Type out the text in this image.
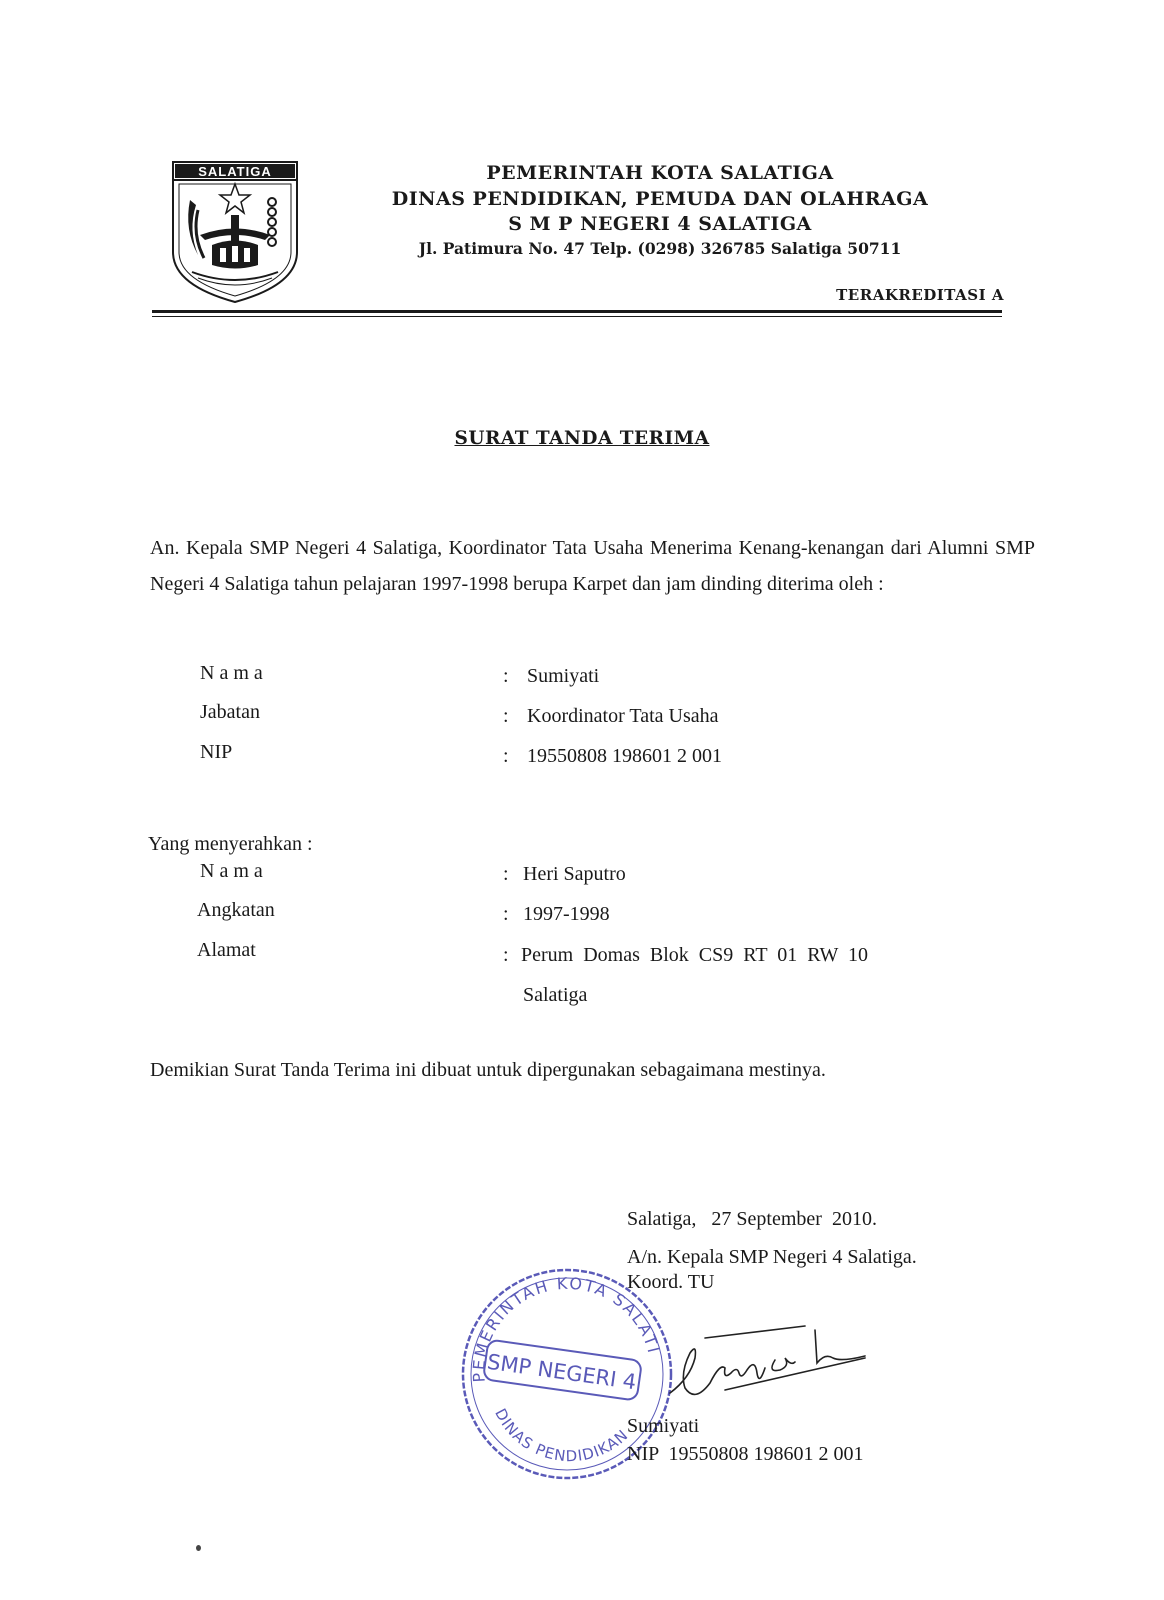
SALATIGA	PEMERINTAH KOTA SALATIGA
DINAS PENDIDIKAN, PEMUDA DAN OLAHRAGA
S M P NEGERI 4 SALATIGA
Jl. Patimura No. 47 Telp. (0298) 326785 Salatiga 50711
TERAKREDITASI A
SURAT TANDA TERIMA
An. Kepala SMP Negeri 4 Salatiga, Koordinator Tata Usaha Menerima Kenang-kenangan dari Alumni SMP Negeri 4 Salatiga tahun pelajaran 1997-1998 berupa Karpet dan jam dinding diterima oleh :
N a m a	: Sumiyati
Jabatan	: Koordinator Tata Usaha
NIP	: 19550808 198601 2 001
Yang menyerahkan :
N a m a	: Heri Saputro
Angkatan	: 1997-1998
Alamat	: Perum  Domas  Blok  CS9  RT  01  RW  10
Salatiga
Demikian Surat Tanda Terima ini dibuat untuk dipergunakan sebagaimana mestinya.
Salatiga,   27 September  2010.
A/n. Kepala SMP Negeri 4 Salatiga.
Koord. TU
PEMERINTAH KOTA SALATI
DINAS PENDIDIKAN
SMP NEGERI 4
Sumiyati
NIP  19550808 198601 2 001
